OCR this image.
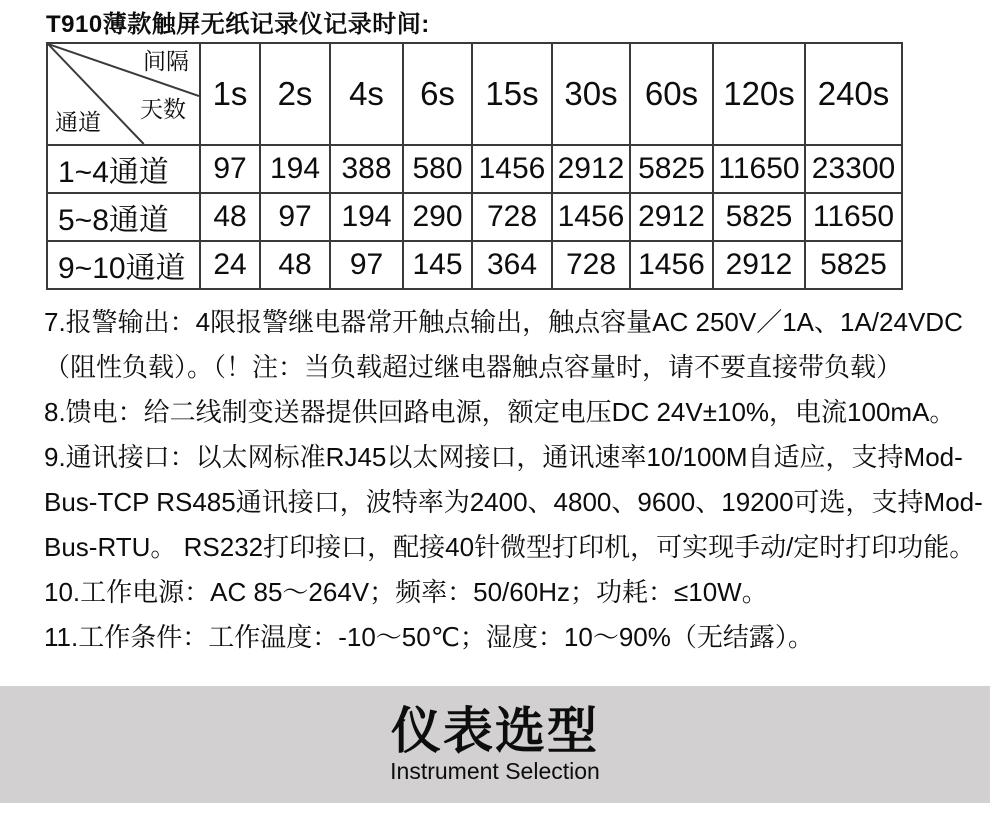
T910薄款触屏无纸记录仪记录时间:
间隔
天数
通道	1s	2s	4s	6s	15s	30s	60s	120s	240s
1~4通道	97	194	388	580	1456	2912	5825	11650	23300
5~8通道	48	97	194	290	728	1456	2912	5825	11650
9~10通道	24	48	97	145	364	728	1456	2912	5825
7.报警输出：4限报警继电器常开触点输出，触点容量AC 250V／1A、1A/24VDC
（阻性负载）。（！注：当负载超过继电器触点容量时，请不要直接带负载）
8.馈电：给二线制变送器提供回路电源，额定电压DC 24V±10%，电流100mA。
9.通讯接口：以太网标准RJ45以太网接口，通讯速率10/100M自适应，支持Mod-
Bus-TCP RS485通讯接口，波特率为2400、4800、9600、19200可选，支持Mod-
Bus-RTU。 RS232打印接口，配接40针微型打印机，可实现手动/定时打印功能。
10.工作电源：AC 85～264V；频率：50/60Hz；功耗：≤10W。
11.工作条件：工作温度：-10～50℃；湿度：10～90%（无结露）。
仪表选型
Instrument Selection
